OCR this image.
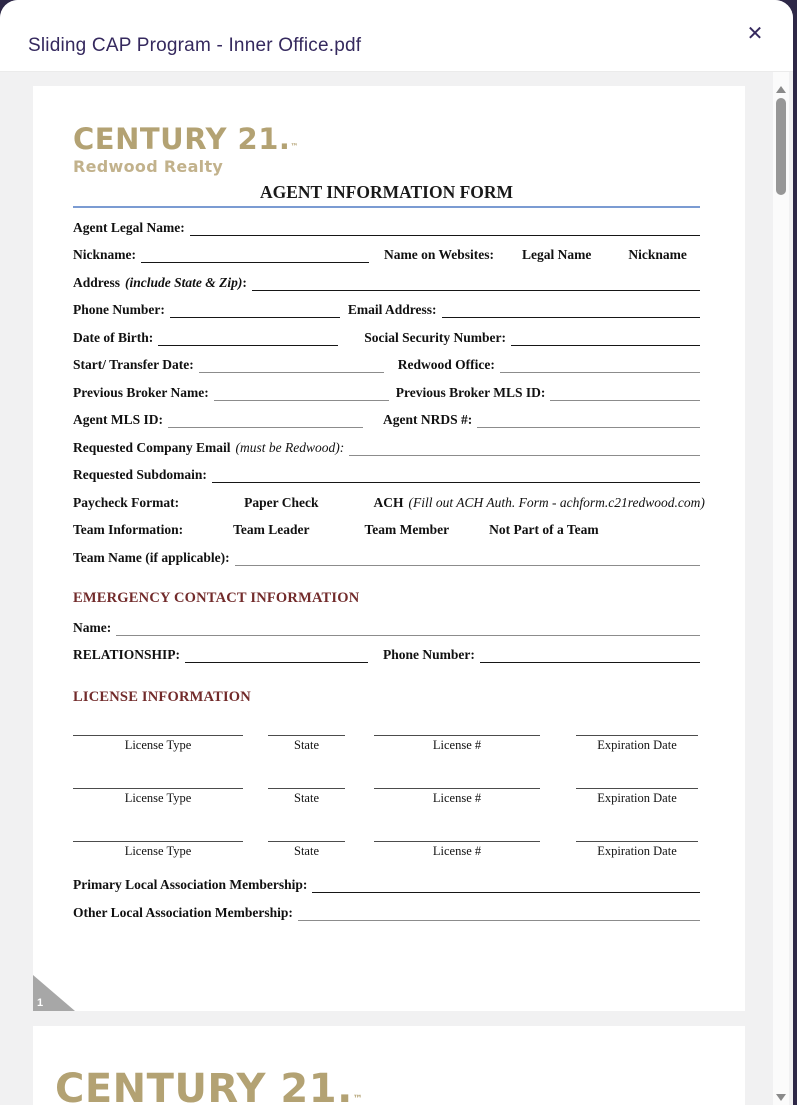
Sliding CAP Program - Inner Office.pdf
✕
CENTURY 21.™
Redwood Realty
AGENT INFORMATION FORM
Agent Legal Name:
Nickname:	Name on Websites: Legal Name	Nickname
Address (include State & Zip) :
Phone Number:	Email Address:
Date of Birth:	Social Security Number:
Start/ Transfer Date:	Redwood Office:
Previous Broker Name:	Previous Broker MLS ID:
Agent MLS ID:	Agent NRDS #:
Requested Company Email (must be Redwood):
Requested Subdomain:
Paycheck Format:	Paper Check	ACH (Fill out ACH Auth. Form - achform.c21redwood.com)
Team Information:	Team Leader	Team Member	Not Part of a Team
Team Name (if applicable):
EMERGENCY CONTACT INFORMATION
Name:
RELATIONSHIP:	Phone Number:
LICENSE INFORMATION
License Type	State	License #	Expiration Date
License Type	State	License #	Expiration Date
License Type	State	License #	Expiration Date
Primary Local Association Membership:
Other Local Association Membership:
1
CENTURY 21.™
